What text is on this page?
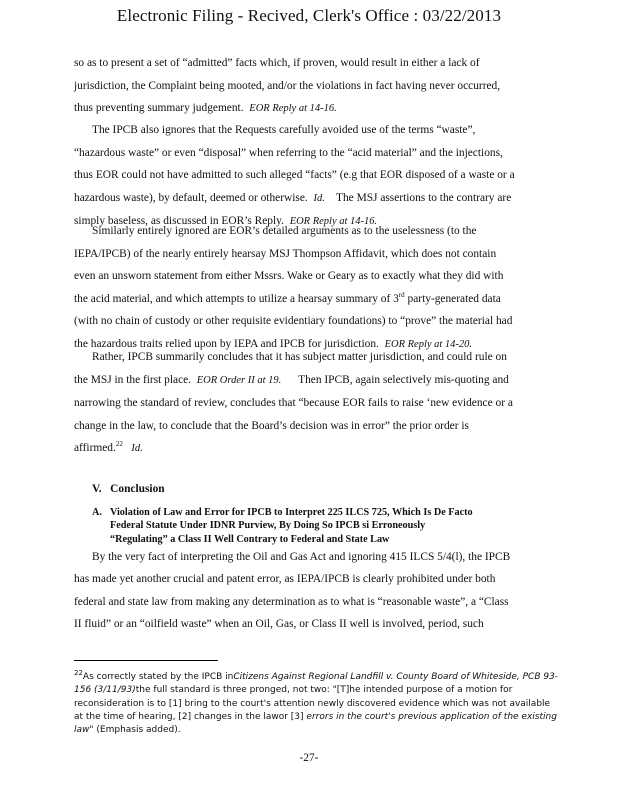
Electronic Filing - Recived, Clerk's Office : 03/22/2013

so as to present a set of “admitted” facts which, if proven, would result in either a lack of

jurisdiction, the Complaint being mooted, and/or the violations in fact having never occurred,

thus preventing summary judgement. EOR Reply at 14-16.

The IPCB also ignores that the Requests carefully avoided use of the terms “waste”,

“hazardous waste” or even “disposal” when referring to the “acid material” and the injections,

thus EOR could not have admitted to such alleged “facts” (e.g that EOR disposed of a waste or a

hazardous waste), by default, deemed or otherwise. Id. The MSJ assertions to the contrary are

simply baseless, as discussed in EOR’s Reply. EOR Reply at 14-16.

Similarly entirely ignored are EOR’s detailed arguments as to the uselessness (to the

IEPA/IPCB) of the nearly entirely hearsay MSJ Thompson Affidavit, which does not contain

even an unsworn statement from either Mssrs. Wake or Geary as to exactly what they did with

the acid material, and which attempts to utilize a hearsay summary of 3rd party-generated data

(with no chain of custody or other requisite evidentiary foundations) to “prove” the material had

the hazardous traits relied upon by IEPA and IPCB for jurisdiction. EOR Reply at 14-20.

Rather, IPCB summarily concludes that it has subject matter jurisdiction, and could rule on

the MSJ in the first place. EOR Order II at 19. Then IPCB, again selectively mis-quoting and

narrowing the standard of review, concludes that “because EOR fails to raise ‘new evidence or a

change in the law, to conclude that the Board’s decision was in error” the prior order is

affirmed.$^{22}$ Id.

V. Conclusion
A. Violation of Law and Error for IPCB to Interpret 225 ILCS 725, Which Is De Facto
Federal Statute Under IDNR Purview, By Doing So IPCB si Erroneously
“Regulating” a Class II Well Contrary to Federal and State Law

By the very fact of interpreting the Oil and Gas Act and ignoring 415 ILCS 5/4(l), the IPCB

has made yet another crucial and patent error, as IEPA/IPCB is clearly prohibited under both

federal and state law from making any determination as to what is “reasonable waste”, a “Class

II fluid” or an “oilfield waste” when an Oil, Gas, or Class II well is involved, period, such

$^{22}$As correctly stated by the IPCB inCitizens Against Regional Landfill v. County Board of Whiteside, PCB 93-156 (3/11/93)the full standard is three pronged, not two: "[T]he intended purpose of a motion for reconsideration is to [1] bring to the court's attention newly discovered evidence which was not available at the time of hearing, [2] changes in the lawor [3] errors in the court's previous application of the existing law" (Emphasis added).
-27-
